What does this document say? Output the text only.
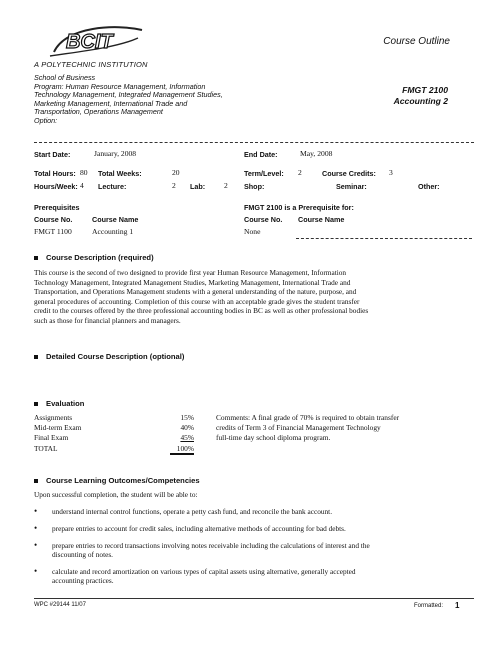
BCIT
A POLYTECHNIC INSTITUTION
Course Outline
School of Business
Program: Human Resource Management, Information
Technology Management, Integrated Management Studies,
Marketing Management, International Trade and
Transportation, Operations Management
Option:
FMGT 2100
Accounting 2
Start Date:	January, 2008	End Date:	May, 2008
Total Hours: 80 Total Weeks:	20	Term/Level: 2	Course Credits: 3
Hours/Week: 4 Lecture:	2 Lab: 2 Shop:	Seminar:	Other:
Prerequisites	FMGT 2100 is a Prerequisite for:
Course No.	Course Name	Course No. Course Name
FMGT 1100	Accounting 1	None
Course Description (required)
This course is the second of two designed to provide first year Human Resource Management, Information
Technology Management, Integrated Management Studies, Marketing Management, International Trade and
Transportation, and Operations Management students with a general understanding of the nature, purpose, and
general procedures of accounting. Completion of this course with an acceptable grade gives the student transfer
credit to the courses offered by the three professional accounting bodies in BC as well as other professional bodies
such as those for financial planners and managers.
Detailed Course Description (optional)
Evaluation
Assignments	15%
Mid-term Exam	40%
Final Exam	45%
TOTAL	100%
Comments: A final grade of 70% is required to obtain transfer
credits of Term 3 of Financial Management Technology
full-time day school diploma program.
Course Learning Outcomes/Competencies
Upon successful completion, the student will be able to:
• understand internal control functions, operate a petty cash fund, and reconcile the bank account.
• prepare entries to account for credit sales, including alternative methods of accounting for bad debts.
• prepare entries to record transactions involving notes receivable including the calculations of interest and the
discounting of notes.
• calculate and record amortization on various types of capital assets using alternative, generally accepted
accounting practices.
WPC #29144 11/07	Formatted: 1
